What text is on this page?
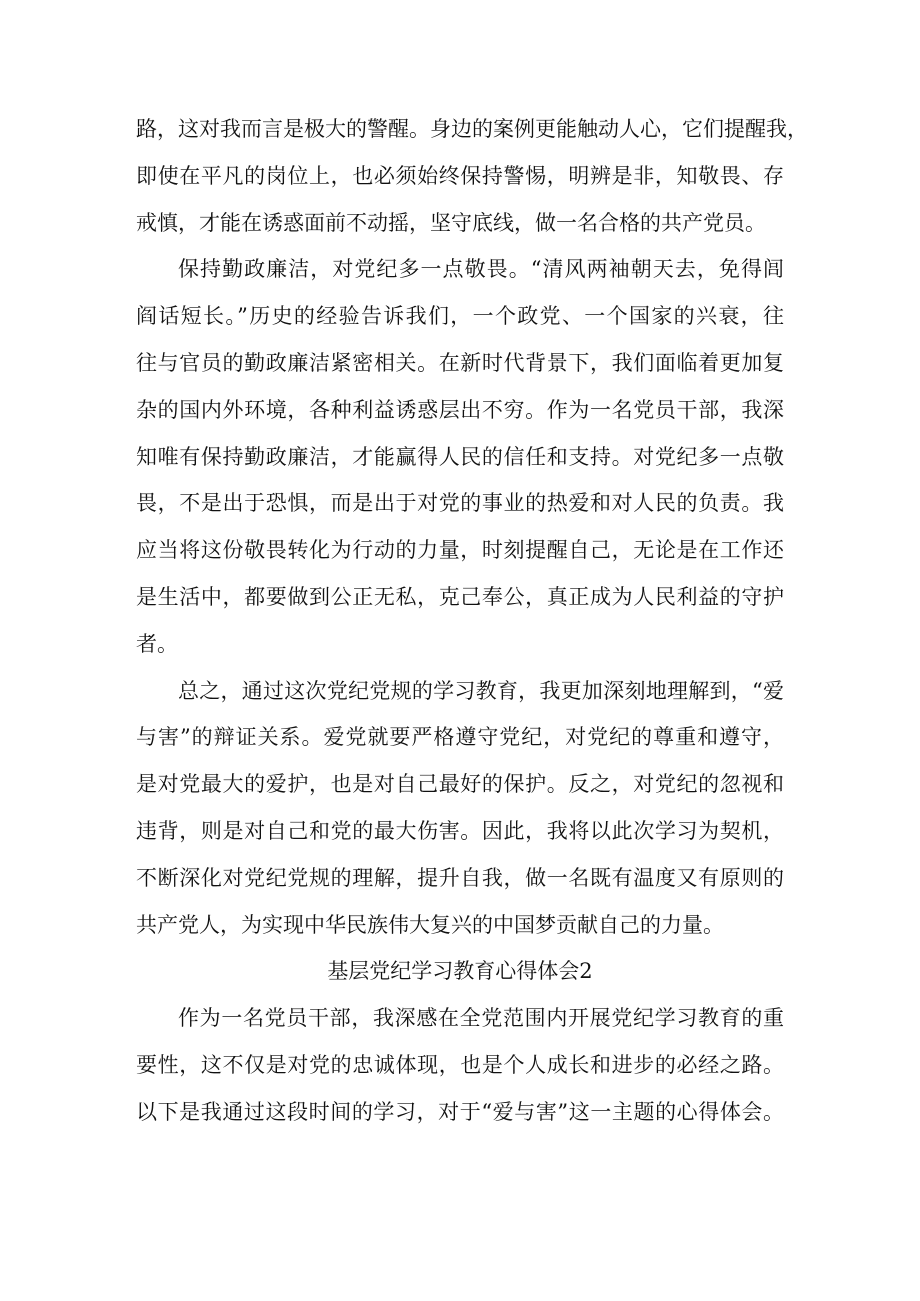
路，这对我而言是极大的警醒。身边的案例更能触动人心，它们提醒我，
即使在平凡的岗位上，也必须始终保持警惕，明辨是非，知敬畏、存
戒慎，才能在诱惑面前不动摇，坚守底线，做一名合格的共产党员。
保持勤政廉洁，对党纪多一点敬畏。“清风两袖朝天去，免得闾
阎话短长。”历史的经验告诉我们，一个政党、一个国家的兴衰，往
往与官员的勤政廉洁紧密相关。在新时代背景下，我们面临着更加复
杂的国内外环境，各种利益诱惑层出不穷。作为一名党员干部，我深
知唯有保持勤政廉洁，才能赢得人民的信任和支持。对党纪多一点敬
畏，不是出于恐惧，而是出于对党的事业的热爱和对人民的负责。我
应当将这份敬畏转化为行动的力量，时刻提醒自己，无论是在工作还
是生活中，都要做到公正无私，克己奉公，真正成为人民利益的守护
者。
总之，通过这次党纪党规的学习教育，我更加深刻地理解到，“爱
与害”的辩证关系。爱党就要严格遵守党纪，对党纪的尊重和遵守，
是对党最大的爱护，也是对自己最好的保护。反之，对党纪的忽视和
违背，则是对自己和党的最大伤害。因此，我将以此次学习为契机，
不断深化对党纪党规的理解，提升自我，做一名既有温度又有原则的
共产党人，为实现中华民族伟大复兴的中国梦贡献自己的力量。
基层党纪学习教育心得体会2
作为一名党员干部，我深感在全党范围内开展党纪学习教育的重
要性，这不仅是对党的忠诚体现，也是个人成长和进步的必经之路。
以下是我通过这段时间的学习，对于“爱与害”这一主题的心得体会。
